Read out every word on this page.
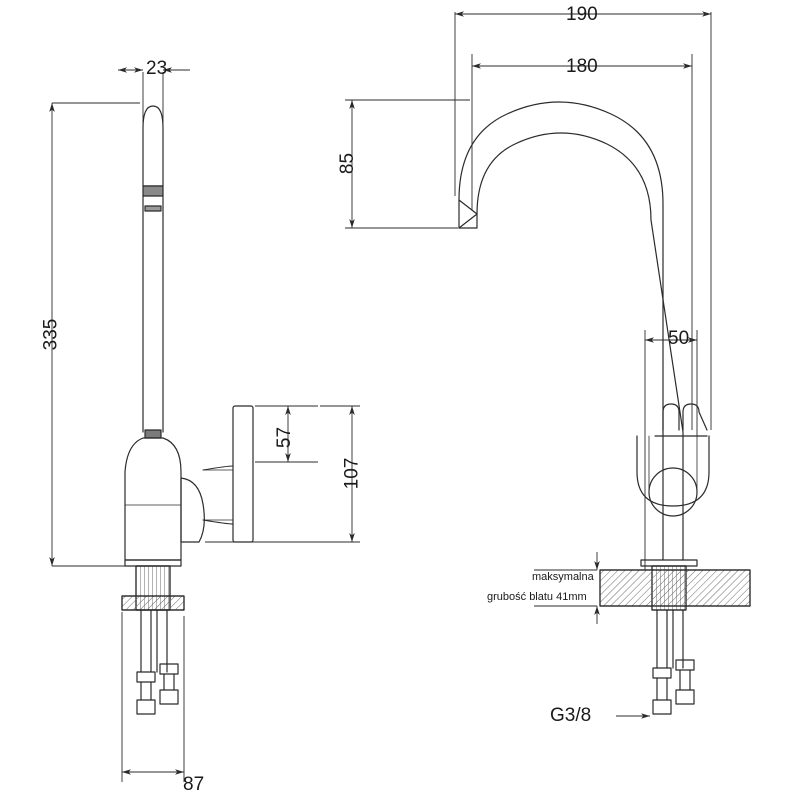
23
335
87
57
107
190
180
85
50
G3/8
maksymalna
grubość blatu 41mm
